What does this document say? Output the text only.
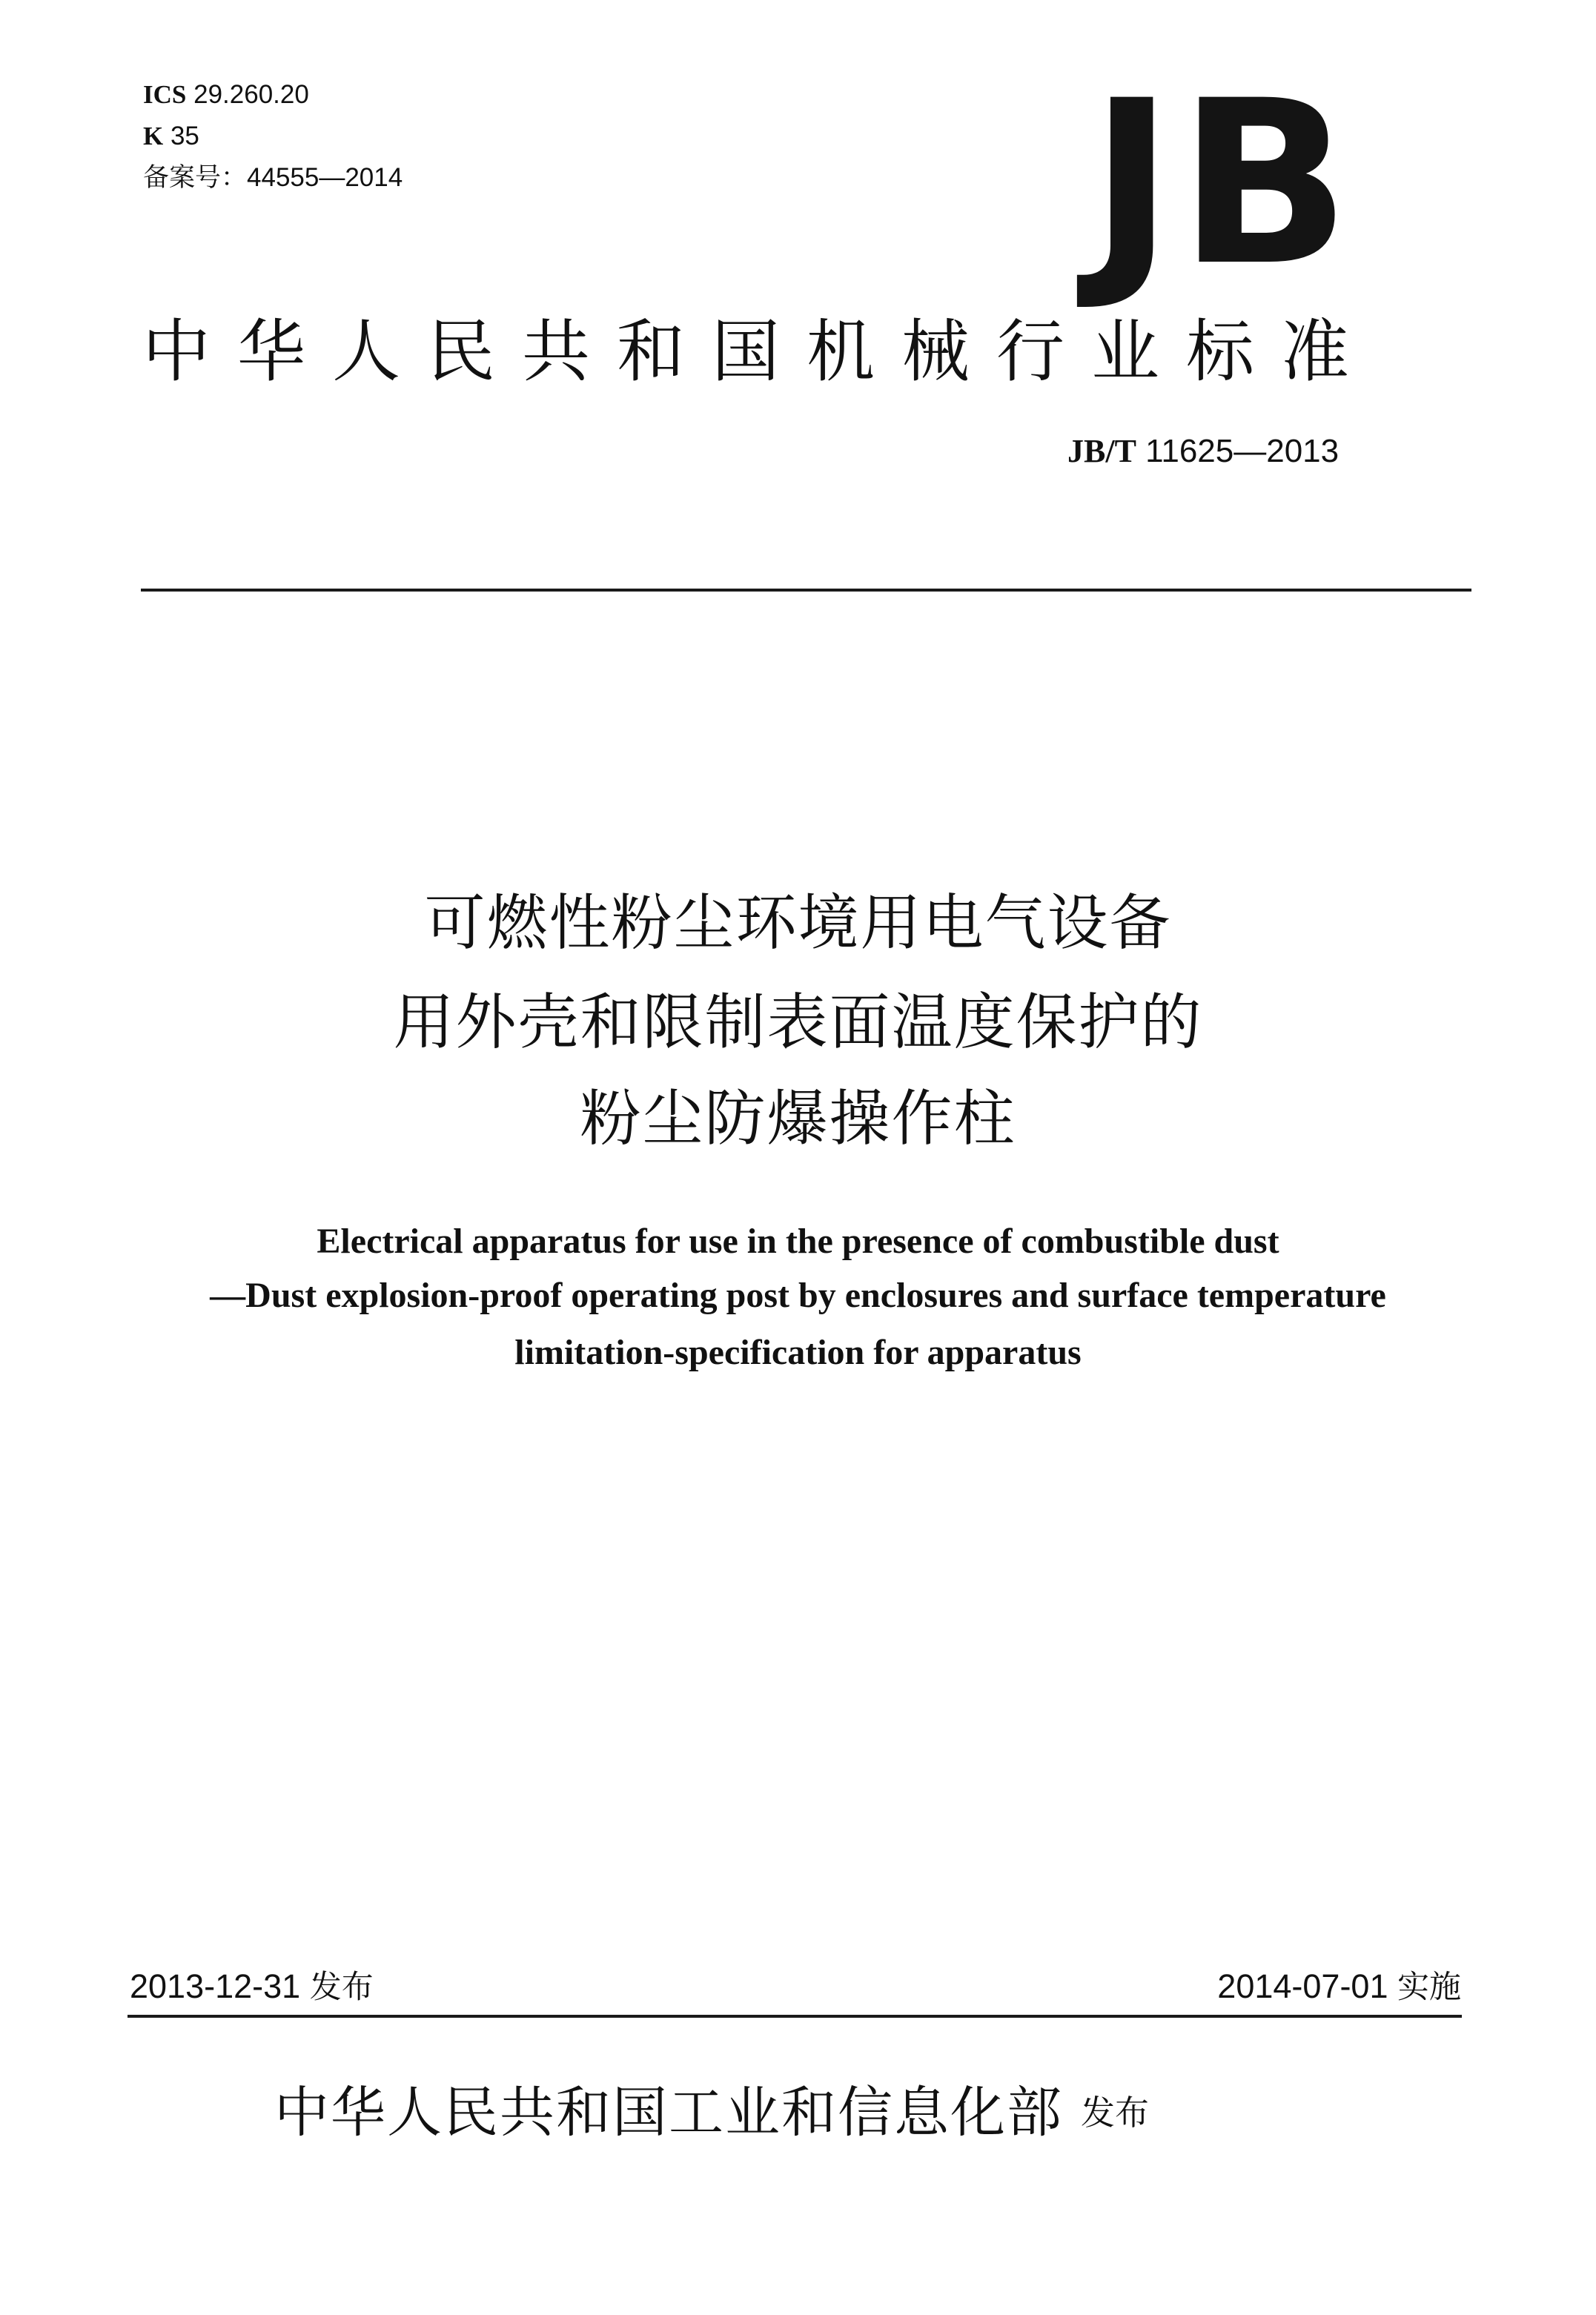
ICS 29.260.20
K 35
备案号：44555—2014	JB
中华人民共和国机械行业标准
JB/T 11625—2013
可燃性粉尘环境用电气设备
用外壳和限制表面温度保护的
粉尘防爆操作柱
Electrical apparatus for use in the presence of combustible dust
—Dust explosion-proof operating post by enclosures and surface temperature
limitation-specification for apparatus
2013-12-31 发布	2014-07-01 实施
中华人民共和国工业和信息化部 发布
